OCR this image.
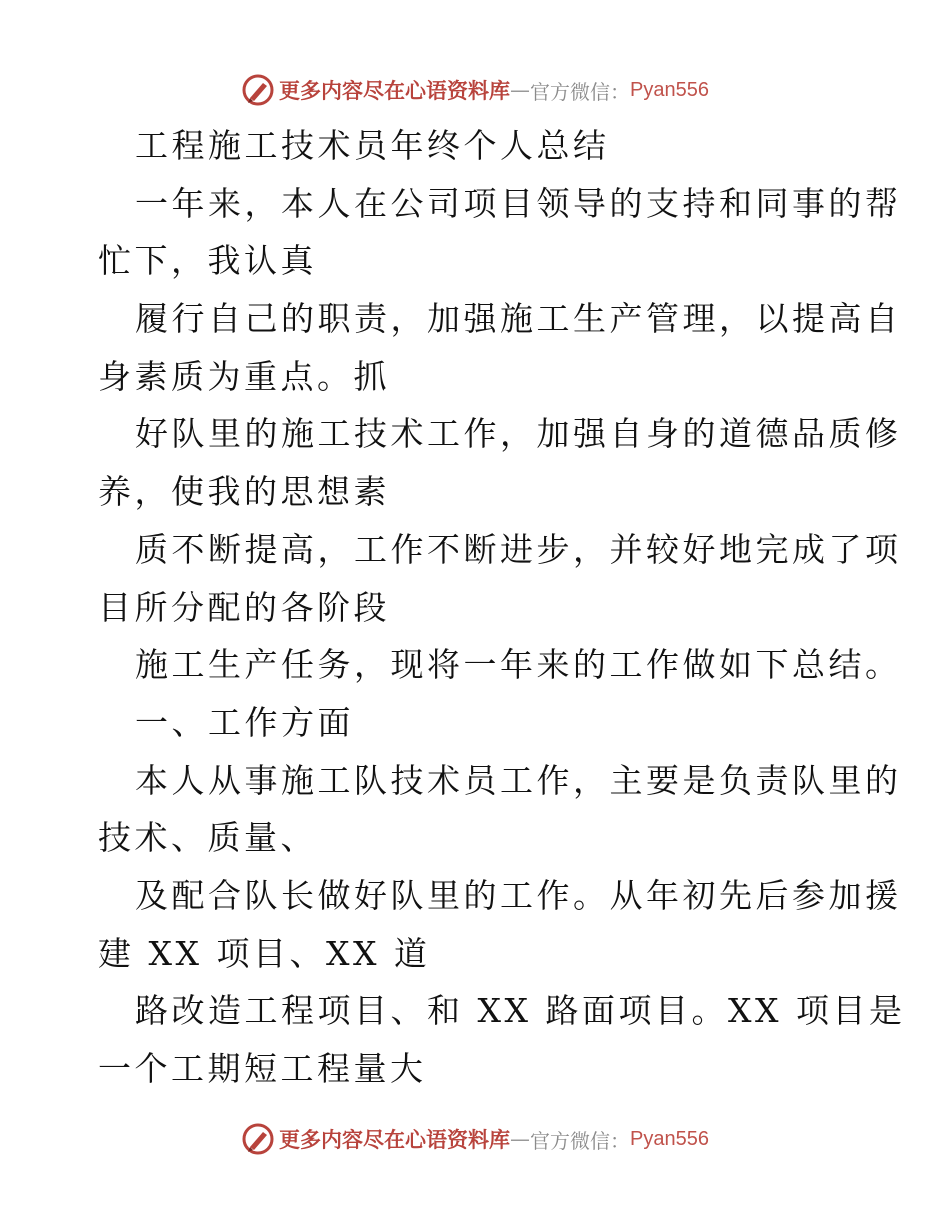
更多内容尽在心语资料库 — 官方微信： Pyan556
工程施工技术员年终个人总结
一年来，本人在公司项目领导的支持和同事的帮
忙下，我认真
履行自己的职责，加强施工生产管理，以提高自
身素质为重点。抓
好队里的施工技术工作，加强自身的道德品质修
养，使我的思想素
质不断提高，工作不断进步，并较好地完成了项
目所分配的各阶段
施工生产任务，现将一年来的工作做如下总结。
一、工作方面
本人从事施工队技术员工作，主要是负责队里的
技术、质量、
及配合队长做好队里的工作。从年初先后参加援
建 XX 项目、XX 道
路改造工程项目、和 XX 路面项目。XX 项目是
一个工期短工程量大
更多内容尽在心语资料库 — 官方微信： Pyan556
